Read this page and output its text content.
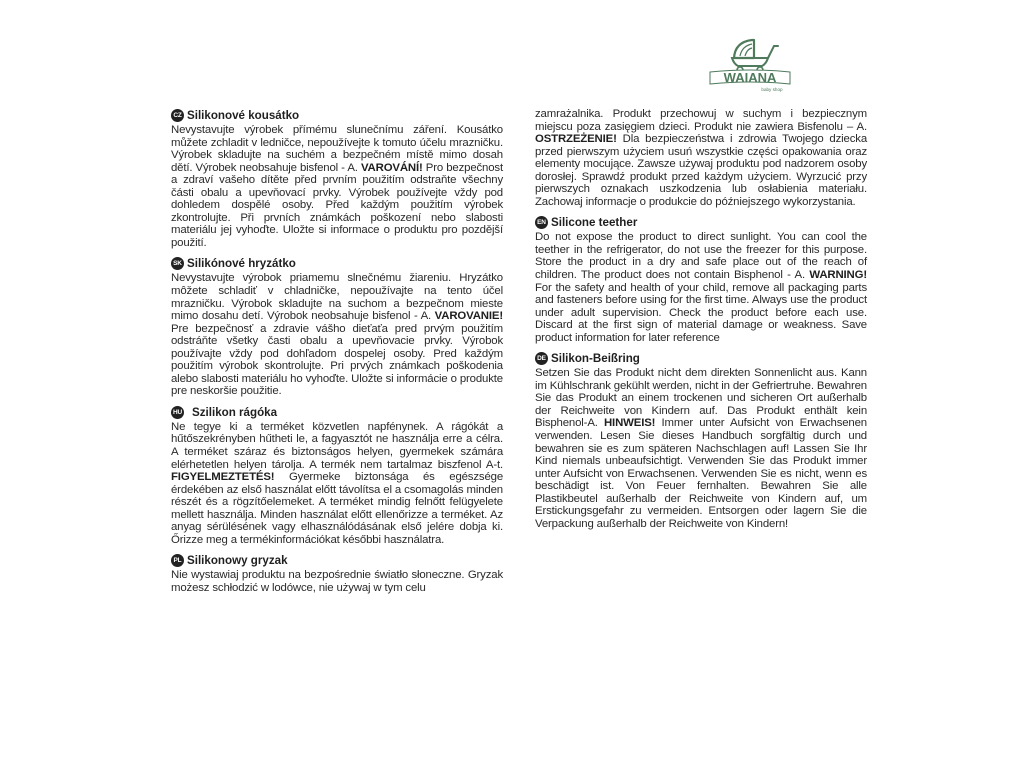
WAIANA
baby shop
CZ Silikonové kousátko

Nevystavujte výrobek přímému slunečnímu záření. Kousátko můžete zchladit v ledničce, nepoužívejte k tomuto účelu mrazničku. Výrobek skladujte na suchém a bezpečném místě mimo dosah dětí. Výrobek neobsahuje bisfenol - A. VAROVÁNÍ! Pro bezpečnost a zdraví vašeho dítěte před prvním použitím odstraňte všechny části obalu a upevňovací prvky. Výrobek používejte vždy pod dohledem dospělé osoby. Před každým použitím výrobek zkontrolujte. Při prvních známkách poškození nebo slabosti materiálu jej vyhoďte. Uložte si informace o produktu pro pozdější použití.

SK Silikónové hryzátko

Nevystavujte výrobok priamemu slnečnému žiareniu. Hryzátko môžete schladiť v chladničke, nepoužívajte na tento účel mrazničku. Výrobok skladujte na suchom a bezpečnom mieste mimo dosahu detí. Výrobok neobsahuje bisfenol - A. VAROVANIE! Pre bezpečnosť a zdravie vášho dieťaťa pred prvým použitím odstráňte všetky časti obalu a upevňovacie prvky. Výrobok používajte vždy pod dohľadom dospelej osoby. Pred každým použitím výrobok skontrolujte. Pri prvých známkach poškodenia alebo slabosti materiálu ho vyhoďte. Uložte si informácie o produkte pre neskoršie použitie.

HU Szilikon rágóka

Ne tegye ki a terméket közvetlen napfénynek. A rágókát a hűtőszekrényben hűtheti le, a fagyasztót ne használja erre a célra. A terméket száraz és biztonságos helyen, gyermekek számára elérhetetlen helyen tárolja. A termék nem tartalmaz biszfenol A-t. FIGYELMEZTETÉS! Gyermeke biztonsága és egészsége érdekében az első használat előtt távolítsa el a csomagolás minden részét és a rögzítőelemeket. A terméket mindig felnőtt felügyelete mellett használja. Minden használat előtt ellenőrizze a terméket. Az anyag sérülésének vagy elhasználódásának első jelére dobja ki. Őrizze meg a termékinformációkat későbbi használatra.

PL Silikonowy gryzak

Nie wystawiaj produktu na bezpośrednie światło słoneczne. Gryzak możesz schłodzić w lodówce, nie używaj w tym celu

zamrażalnika. Produkt przechowuj w suchym i bezpiecznym miejscu poza zasięgiem dzieci. Produkt nie zawiera Bisfenolu – A. OSTRZEŻENIE! Dla bezpieczeństwa i zdrowia Twojego dziecka przed pierwszym użyciem usuń wszystkie części opakowania oraz elementy mocujące. Zawsze używaj produktu pod nadzorem osoby dorosłej. Sprawdź produkt przed każdym użyciem. Wyrzucić przy pierwszych oznakach uszkodzenia lub osłabienia materiału. Zachowaj informacje o produkcie do późniejszego wykorzystania.

EN Silicone teether

Do not expose the product to direct sunlight. You can cool the teether in the refrigerator, do not use the freezer for this purpose. Store the product in a dry and safe place out of the reach of children. The product does not contain Bisphenol - A. WARNING! For the safety and health of your child, remove all packaging parts and fasteners before using for the first time. Always use the product under adult supervision. Check the product before each use. Discard at the first sign of material damage or weakness. Save product information for later reference

DE Silikon-Beißring

Setzen Sie das Produkt nicht dem direkten Sonnenlicht aus. Kann im Kühlschrank gekühlt werden, nicht in der Gefriertruhe. Bewahren Sie das Produkt an einem trockenen und sicheren Ort außerhalb der Reichweite von Kindern auf. Das Produkt enthält kein Bisphenol-A. HINWEIS! Immer unter Aufsicht von Erwachsenen verwenden. Lesen Sie dieses Handbuch sorgfältig durch und bewahren sie es zum späteren Nachschlagen auf! Lassen Sie Ihr Kind niemals unbeaufsichtigt. Verwenden Sie das Produkt immer unter Aufsicht von Erwachsenen. Verwenden Sie es nicht, wenn es beschädigt ist. Von Feuer fernhalten. Bewahren Sie alle Plastikbeutel außerhalb der Reichweite von Kindern auf, um Erstickungsgefahr zu vermeiden. Entsorgen oder lagern Sie die Verpackung außerhalb der Reichweite von Kindern!
